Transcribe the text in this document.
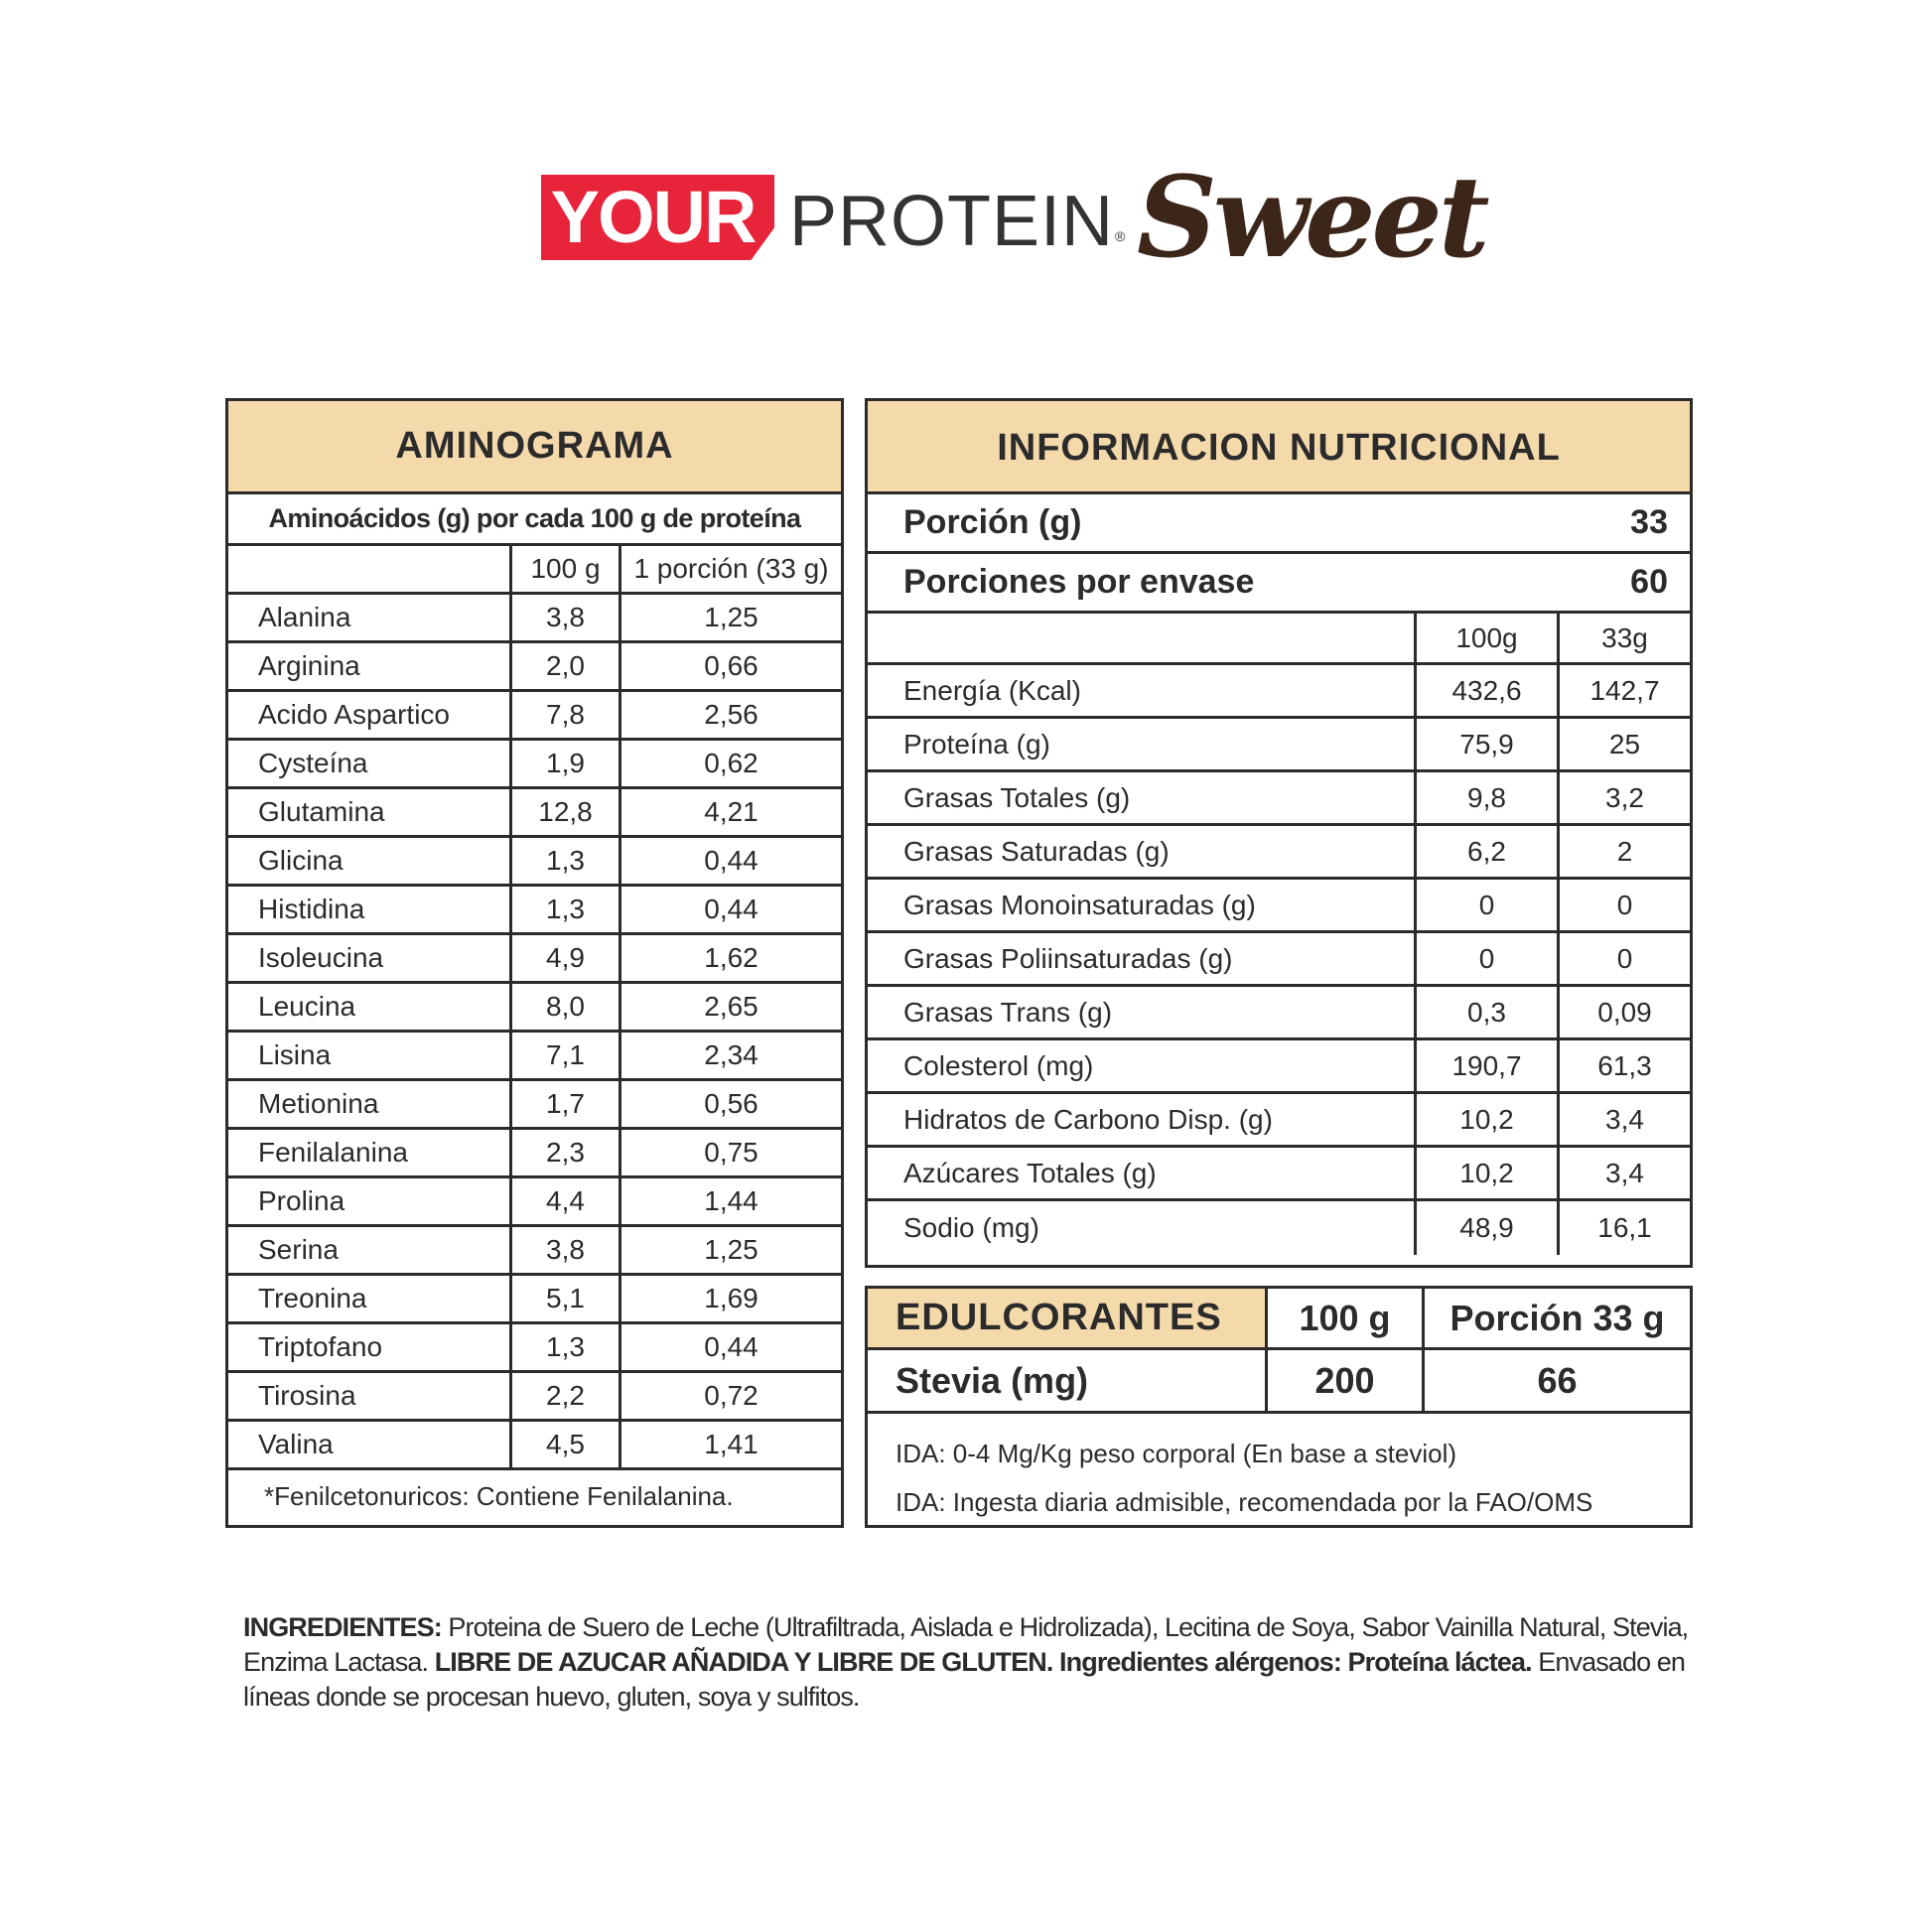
YOUR PROTEIN ® Sweet
AMINOGRAMA
Aminoácidos (g) por cada 100 g de proteína
100 g	1 porción (33 g)
Alanina	3,8	1,25
Arginina	2,0	0,66
Acido Aspartico	7,8	2,56
Cysteína	1,9	0,62
Glutamina	12,8	4,21
Glicina	1,3	0,44
Histidina	1,3	0,44
Isoleucina	4,9	1,62
Leucina	8,0	2,65
Lisina	7,1	2,34
Metionina	1,7	0,56
Fenilalanina	2,3	0,75
Prolina	4,4	1,44
Serina	3,8	1,25
Treonina	5,1	1,69
Triptofano	1,3	0,44
Tirosina	2,2	0,72
Valina	4,5	1,41
*Fenilcetonuricos: Contiene Fenilalanina.
INFORMACION NUTRICIONAL
Porción (g)	33
Porciones por envase	60
100g	33g
Energía (Kcal)	432,6	142,7
Proteína (g)	75,9	25
Grasas Totales (g)	9,8	3,2
Grasas Saturadas (g)	6,2	2
Grasas Monoinsaturadas (g)	0	0
Grasas Poliinsaturadas (g)	0	0
Grasas Trans (g)	0,3	0,09
Colesterol (mg)	190,7	61,3
Hidratos de Carbono Disp. (g)	10,2	3,4
Azúcares Totales (g)	10,2	3,4
Sodio (mg)	48,9	16,1
EDULCORANTES	100 g	Porción 33 g
Stevia (mg)	200	66
IDA: 0-4 Mg/Kg peso corporal (En base a steviol)
IDA: Ingesta diaria admisible, recomendada por la FAO/OMS
INGREDIENTES: Proteina de Suero de Leche (Ultrafiltrada, Aislada e Hidrolizada), Lecitina de Soya, Sabor Vainilla Natural, Stevia, Enzima Lactasa. LIBRE DE AZUCAR AÑADIDA Y LIBRE DE GLUTEN. Ingredientes alérgenos: Proteína láctea. Envasado en líneas donde se procesan huevo, gluten, soya y sulfitos.
